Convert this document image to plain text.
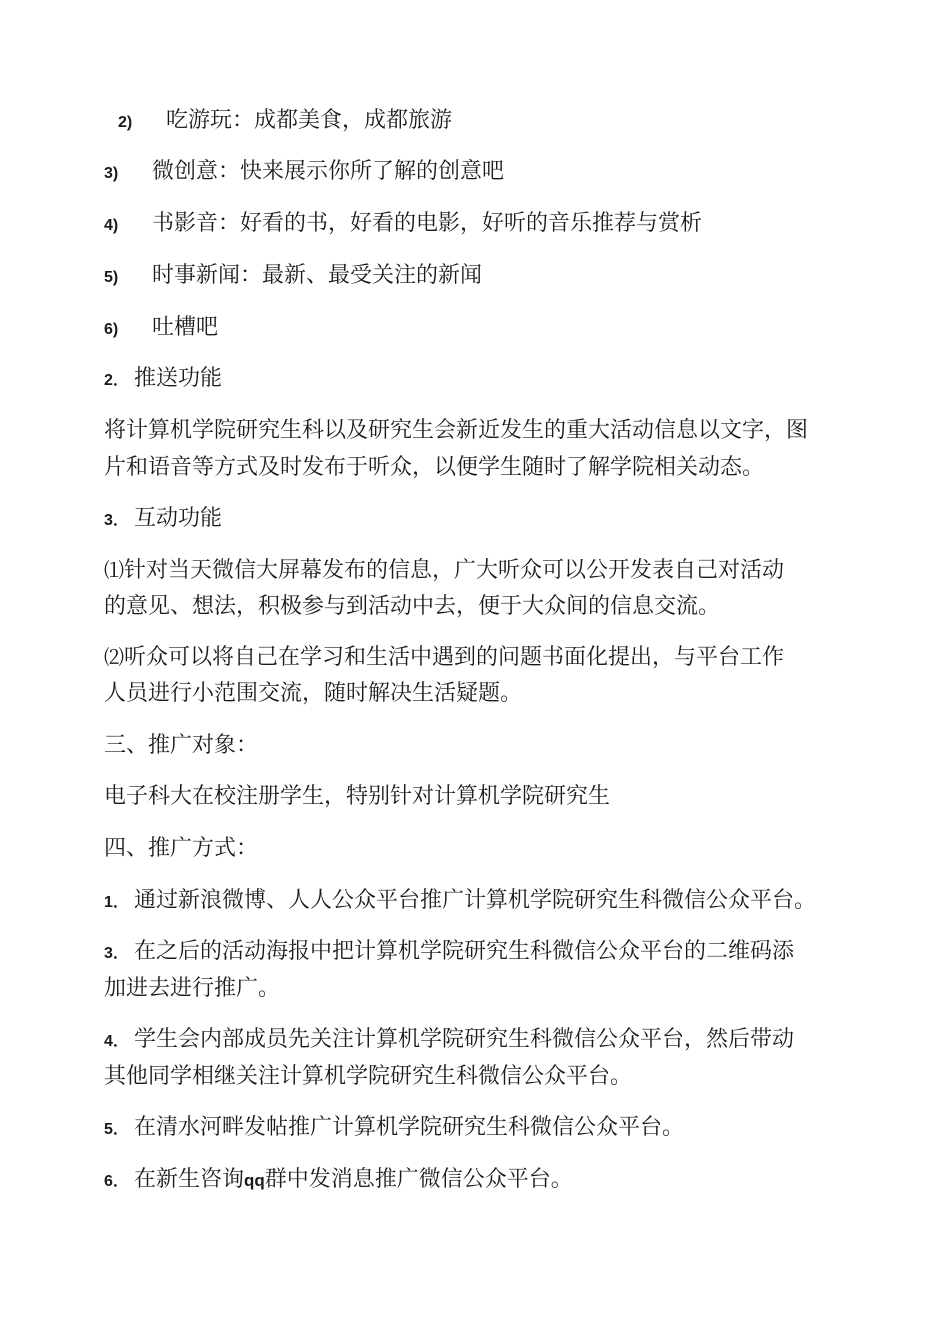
2) 吃游玩：成都美食，成都旅游
3) 微创意：快来展示你所了解的创意吧
4) 书影音：好看的书，好看的电影，好听的音乐推荐与赏析
5) 时事新闻：最新、最受关注的新闻
6) 吐槽吧
2． 推送功能
将计算机学院研究生科以及研究生会新近发生的重大活动信息以文字，图
片和语音等方式及时发布于听众，以便学生随时了解学院相关动态。
3． 互动功能
⑴针对当天微信大屏幕发布的信息，广大听众可以公开发表自己对活动
的意见、想法，积极参与到活动中去，便于大众间的信息交流。
⑵听众可以将自己在学习和生活中遇到的问题书面化提出，与平台工作
人员进行小范围交流，随时解决生活疑题。
三、推广对象：
电子科大在校注册学生，特别针对计算机学院研究生
四、推广方式：
1． 通过新浪微博、人人公众平台推广计算机学院研究生科微信公众平台。
3． 在之后的活动海报中把计算机学院研究生科微信公众平台的二维码添
加进去进行推广。
4． 学生会内部成员先关注计算机学院研究生科微信公众平台，然后带动
其他同学相继关注计算机学院研究生科微信公众平台。
5． 在清水河畔发帖推广计算机学院研究生科微信公众平台。
6． 在新生咨询qq群中发消息推广微信公众平台。
